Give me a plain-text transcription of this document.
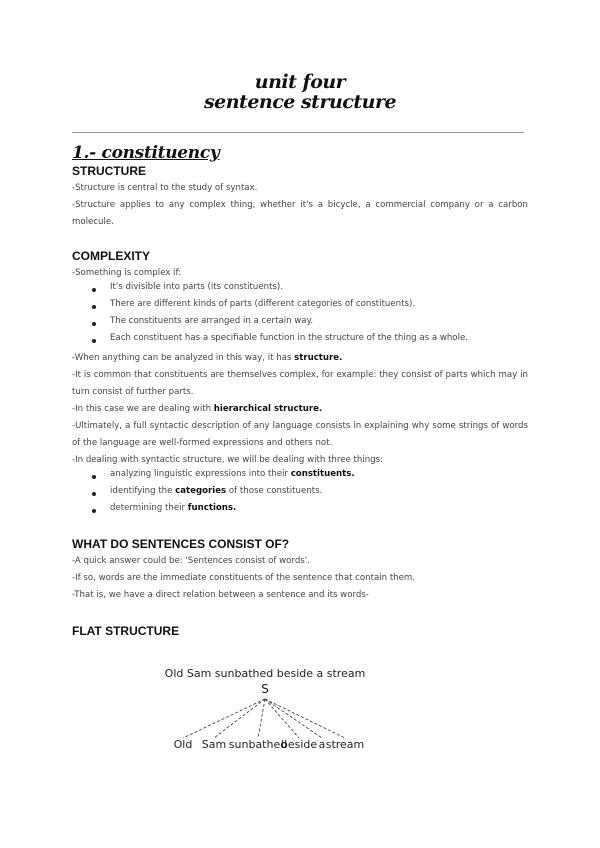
unit four
sentence structure
1.- constituency
STRUCTURE
-Structure is central to the study of syntax.
-Structure applies to any complex thing, whether it's a bicycle, a commercial company or a carbon molecule.
COMPLEXITY
-Something is complex if:
It's divisible into parts (its constituents).
There are different kinds of parts (different categories of constituents).
The constituents are arranged in a certain way.
Each constituent has a specifiable function in the structure of the thing as a whole.
-When anything can be analyzed in this way, it has structure.
-It is common that constituents are themselves complex, for example: they consist of parts which may in turn consist of further parts.
-In this case we are dealing with hierarchical structure.
-Ultimately, a full syntactic description of any language consists in explaining why some strings of words of the language are well-formed expressions and others not.
-In dealing with syntactic structure, we will be dealing with three things:
analyzing linguistic expressions into their constituents.
identifying the categories of those constituents.
determining their functions.
WHAT DO SENTENCES CONSIST OF?
-A quick answer could be: 'Sentences consist of words'.
-If so, words are the immediate constituents of the sentence that contain them.
-That is, we have a direct relation between a sentence and its words-
FLAT STRUCTURE
Old Sam sunbathed beside a stream
S
Old Sam sunbathed
beside a stream
